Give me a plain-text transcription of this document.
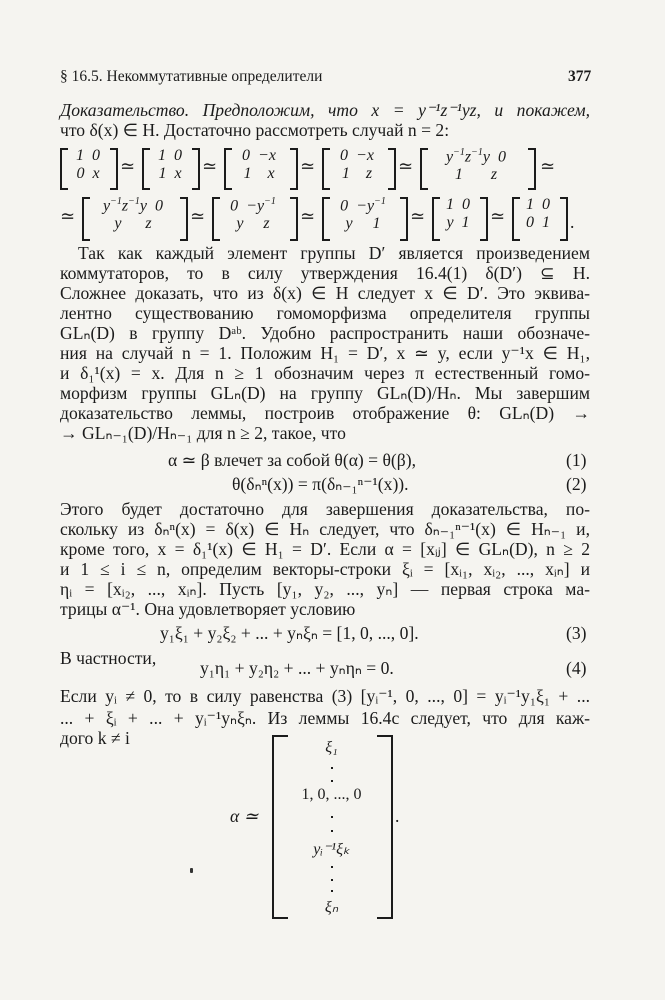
§ 16.5. Некоммутативные определители	377
Доказательство. Предположим, что x = y⁻¹z⁻¹yz, и покажем,
что δ(x) ∈ H. Достаточно рассмотреть случай n = 2:
1  0
0  x	≃
1  0
1  x	≃
0  −x
1    x	≃
0  −x
1    z	≃	$y^{-1}z^{-1}y$  0
1       z	≃
≃
$y^{-1}z^{-1}y$  0
y      z	≃
$0 -y^{-1}$
y     z	≃
$0 -y^{-1}$
y     1	≃
1  0
y  1	≃
1  0
0  1	.
Так как каждый элемент группы D′ является произведением
коммутаторов, то в силу утверждения 16.4(1) δ(D′) ⊆ H.
Сложнее доказать, что из δ(x) ∈ H следует x ∈ D′. Это эквива-
лентно существованию гомоморфизма определителя группы
GLₙ(D) в группу Dᵃᵇ. Удобно распространить наши обозначе-
ния на случай n = 1. Положим H₁ = D′, x ≃ y, если y⁻¹x ∈ H₁,
и δ₁¹(x) = x. Для n ≥ 1 обозначим через π естественный гомо-
морфизм группы GLₙ(D) на группу GLₙ(D)/Hₙ. Мы завершим
доказательство леммы, построив отображение θ: GLₙ(D) →
→ GLₙ₋₁(D)/Hₙ₋₁ для n ≥ 2, такое, что
α ≃ β влечет за собой θ(α) = θ(β),	(1)
θ(δₙⁿ(x)) = π(δₙ₋₁ⁿ⁻¹(x)).	(2)
Этого будет достаточно для завершения доказательства, по-
скольку из δₙⁿ(x) = δ(x) ∈ Hₙ следует, что δₙ₋₁ⁿ⁻¹(x) ∈ Hₙ₋₁ и,
кроме того, x = δ₁¹(x) ∈ H₁ = D′. Если α = [xᵢⱼ] ∈ GLₙ(D), n ≥ 2
и 1 ≤ i ≤ n, определим векторы-строки ξᵢ = [xᵢ₁, xᵢ₂, ..., xᵢₙ] и
ηᵢ = [xᵢ₂, ..., xᵢₙ]. Пусть [y₁, y₂, ..., yₙ] — первая строка ма-
трицы α⁻¹. Она удовлетворяет условию
y₁ξ₁ + y₂ξ₂ + ... + yₙξₙ = [1, 0, ..., 0].	(3)
В частности, y₁η₁ + y₂η₂ + ... + yₙηₙ = 0.	(4)
Если yᵢ ≠ 0, то в силу равенства (3) [yᵢ⁻¹, 0, ..., 0] = yᵢ⁻¹y₁ξ₁ + ...
... + ξᵢ + ... + yᵢ⁻¹yₙξₙ. Из леммы 16.4c следует, что для каж-
дого k ≠ i
α ≃
ξ₁
1, 0, ..., 0
yᵢ⁻¹ξₖ
ξₙ
.
